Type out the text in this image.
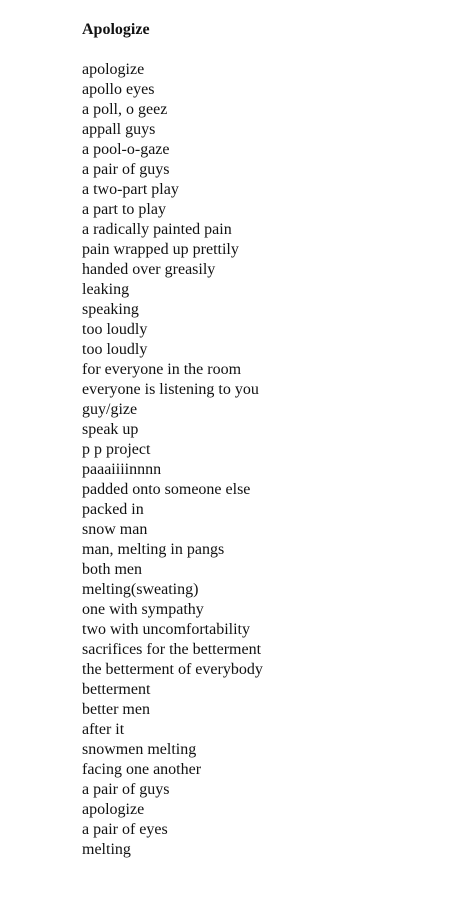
Apologize
apologize
apollo eyes
a poll, o geez
appall guys
a pool-o-gaze
a pair of guys
a two-part play
a part to play
a radically painted pain
pain wrapped up prettily
handed over greasily
leaking
speaking
too loudly
too loudly
for everyone in the room
everyone is listening to you
guy/gize
speak up
p p project
paaaiiiinnnn
padded onto someone else
packed in
snow man
man, melting in pangs
both men
melting(sweating)
one with sympathy
two with uncomfortability
sacrifices for the betterment
the betterment of everybody
betterment
better men
after it
snowmen melting
facing one another
a pair of guys
apologize
a pair of eyes
melting
